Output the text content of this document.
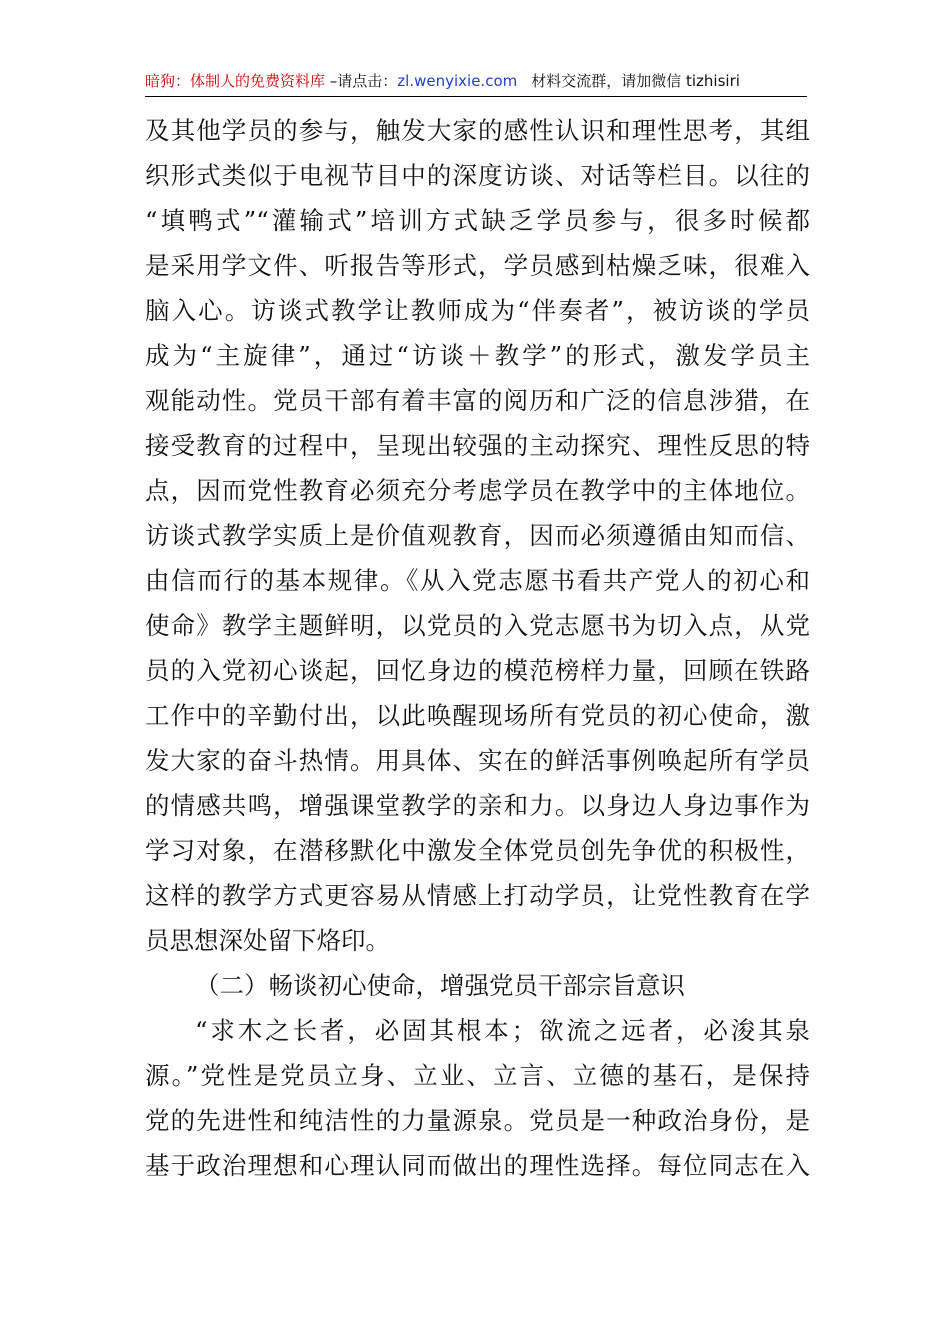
暗狗：体制人的免费资料库 –请点击：zl.wenyixie.com 材料交流群，请加微信 tizhisiri
及其他学员的参与，触发大家的感性认识和理性思考，其组
织形式类似于电视节目中的深度访谈、对话等栏目。以往的
“填鸭式”“灌输式”培训方式缺乏学员参与，很多时候都
是采用学文件、听报告等形式，学员感到枯燥乏味，很难入
脑入心。访谈式教学让教师成为“伴奏者”，被访谈的学员
成为“主旋律”，通过“访谈＋教学”的形式，激发学员主
观能动性。党员干部有着丰富的阅历和广泛的信息涉猎，在
接受教育的过程中，呈现出较强的主动探究、理性反思的特
点，因而党性教育必须充分考虑学员在教学中的主体地位。
访谈式教学实质上是价值观教育，因而必须遵循由知而信、
由信而行的基本规律。《从入党志愿书看共产党人的初心和
使命》教学主题鲜明，以党员的入党志愿书为切入点，从党
员的入党初心谈起，回忆身边的模范榜样力量，回顾在铁路
工作中的辛勤付出，以此唤醒现场所有党员的初心使命，激
发大家的奋斗热情。用具体、实在的鲜活事例唤起所有学员
的情感共鸣，增强课堂教学的亲和力。以身边人身边事作为
学习对象，在潜移默化中激发全体党员创先争优的积极性，
这样的教学方式更容易从情感上打动学员，让党性教育在学
员思想深处留下烙印。
（二）畅谈初心使命，增强党员干部宗旨意识
“求木之长者，必固其根本；欲流之远者，必浚其泉
源。”党性是党员立身、立业、立言、立德的基石，是保持
党的先进性和纯洁性的力量源泉。党员是一种政治身份，是
基于政治理想和心理认同而做出的理性选择。每位同志在入
